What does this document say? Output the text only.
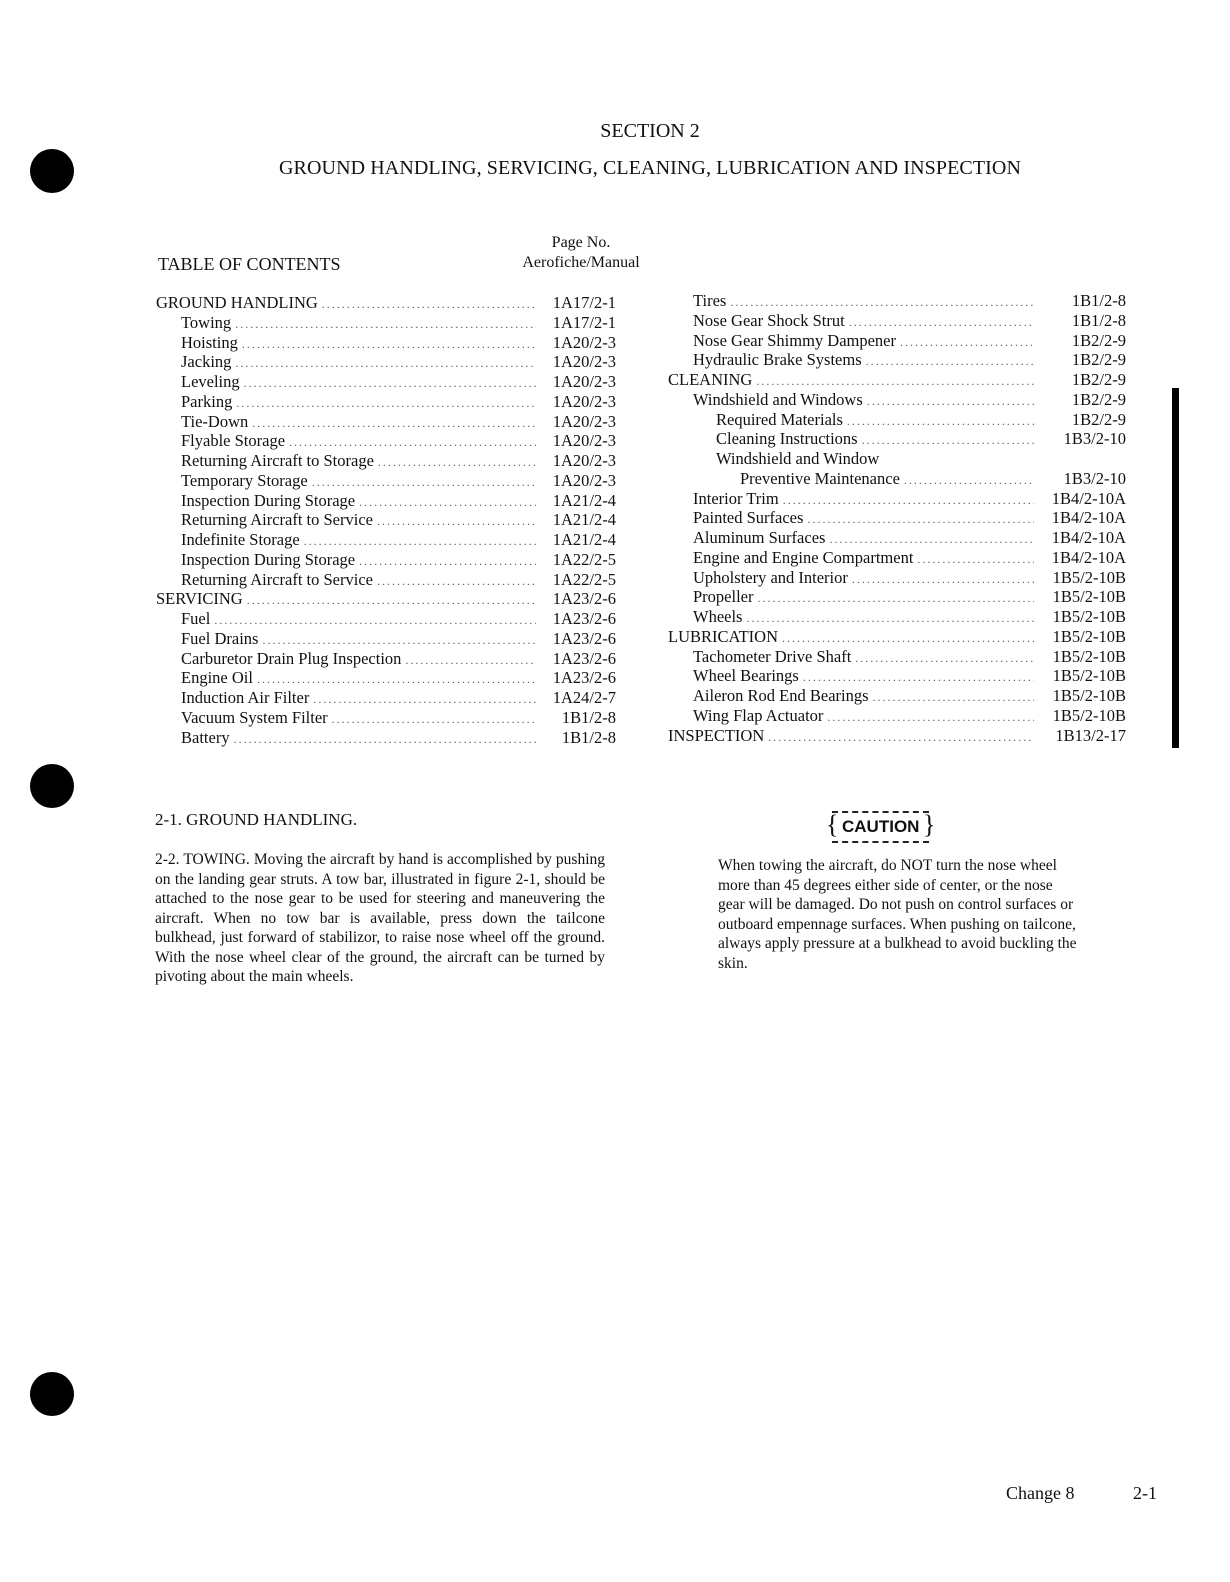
SECTION 2
GROUND HANDLING, SERVICING, CLEANING, LUBRICATION AND INSPECTION
TABLE OF CONTENTS
Page No.
Aerofiche/Manual
GROUND HANDLING .....	1A17/2-1
Towing .....	1A17/2-1
Hoisting .....	1A20/2-3
Jacking .....	1A20/2-3
Leveling .....	1A20/2-3
Parking .....	1A20/2-3
Tie-Down .....	1A20/2-3
Flyable Storage .....	1A20/2-3
Returning Aircraft to Storage .....	1A20/2-3
Temporary Storage .....	1A20/2-3
Inspection During Storage .....	1A21/2-4
Returning Aircraft to Service .....	1A21/2-4
Indefinite Storage .....	1A21/2-4
Inspection During Storage .....	1A22/2-5
Returning Aircraft to Service .....	1A22/2-5
SERVICING .....	1A23/2-6
Fuel .....	1A23/2-6
Fuel Drains .....	1A23/2-6
Carburetor Drain Plug Inspection .....	1A23/2-6
Engine Oil .....	1A23/2-6
Induction Air Filter .....	1A24/2-7
Vacuum System Filter .....	1B1/2-8
Battery .....	1B1/2-8
Tires .....	1B1/2-8
Nose Gear Shock Strut .....	1B1/2-8
Nose Gear Shimmy Dampener .....	1B2/2-9
Hydraulic Brake Systems .....	1B2/2-9
CLEANING .....	1B2/2-9
Windshield and Windows .....	1B2/2-9
Required Materials .....	1B2/2-9
Cleaning Instructions .....	1B3/2-10
Windshield and Window
Preventive Maintenance .....	1B3/2-10
Interior Trim .....	1B4/2-10A
Painted Surfaces .....	1B4/2-10A
Aluminum Surfaces .....	1B4/2-10A
Engine and Engine Compartment .....	1B4/2-10A
Upholstery and Interior .....	1B5/2-10B
Propeller .....	1B5/2-10B
Wheels .....	1B5/2-10B
LUBRICATION .....	1B5/2-10B
Tachometer Drive Shaft .....	1B5/2-10B
Wheel Bearings .....	1B5/2-10B
Aileron Rod End Bearings .....	1B5/2-10B
Wing Flap Actuator .....	1B5/2-10B
INSPECTION .....	1B13/2-17
2-1. GROUND HANDLING.
2-2. TOWING. Moving the aircraft by hand is accomplished by pushing on the landing gear struts. A tow bar, illustrated in figure 2-1, should be attached to the nose gear to be used for steering and maneuvering the aircraft. When no tow bar is available, press down the tailcone bulkhead, just forward of stabilizor, to raise nose wheel off the ground. With the nose wheel clear of the ground, the aircraft can be turned by pivoting about the main wheels.
{ CAUTION }
When towing the aircraft, do NOT turn the nose wheel more than 45 degrees either side of center, or the nose gear will be damaged. Do not push on control surfaces or outboard empennage surfaces. When pushing on tailcone, always apply pressure at a bulkhead to avoid buckling the skin.
Change 8	2-1
